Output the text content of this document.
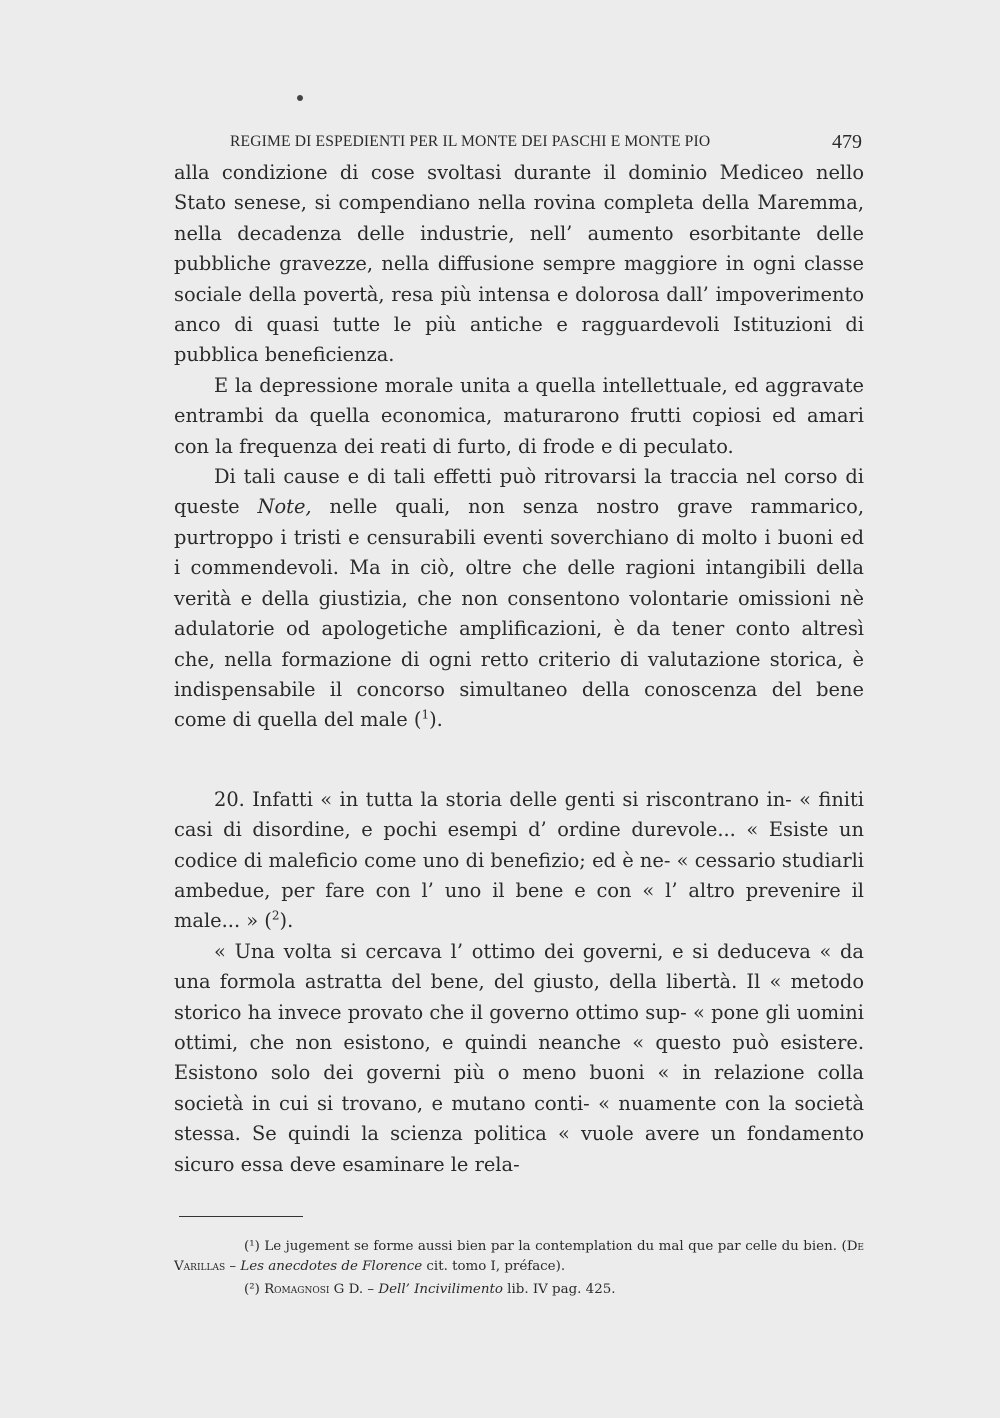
REGIME DI ESPEDIENTI PER IL MONTE DEI PASCHI E MONTE PIO	479

alla condizione di cose svoltasi durante il dominio Mediceo nello Stato senese, si compendiano nella rovina completa della Maremma, nella decadenza delle industrie, nell’ aumento esorbitante delle pubbliche gravezze, nella diffusione sempre maggiore in ogni classe sociale della povertà, resa più intensa e dolorosa dall’ impoverimento anco di quasi tutte le più antiche e ragguardevoli Istituzioni di pubblica beneficienza.

E la depressione morale unita a quella intellettuale, ed aggravate entrambi da quella economica, maturarono frutti copiosi ed amari con la frequenza dei reati di furto, di frode e di peculato.

Di tali cause e di tali effetti può ritrovarsi la traccia nel corso di queste Note, nelle quali, non senza nostro grave rammarico, purtroppo i tristi e censurabili eventi soverchiano di molto i buoni ed i commendevoli. Ma in ciò, oltre che delle ragioni intangibili della verità e della giustizia, che non consentono volontarie omissioni nè adulatorie od apologetiche amplificazioni, è da tener conto altresì che, nella formazione di ogni retto criterio di valutazione storica, è indispensabile il concorso simultaneo della conoscenza del bene come di quella del male ($^1$).

20. Infatti « in tutta la storia delle genti si riscontrano in- « finiti casi di disordine, e pochi esempi d’ ordine durevole... « Esiste un codice di maleficio come uno di benefizio; ed è ne- « cessario studiarli ambedue, per fare con l’ uno il bene e con « l’ altro prevenire il male... » ($^2$).

« Una volta si cercava l’ ottimo dei governi, e si deduceva « da una formola astratta del bene, del giusto, della libertà. Il « metodo storico ha invece provato che il governo ottimo sup- « pone gli uomini ottimi, che non esistono, e quindi neanche « questo può esistere. Esistono solo dei governi più o meno buoni « in relazione colla società in cui si trovano, e mutano conti- « nuamente con la società stessa. Se quindi la scienza politica « vuole avere un fondamento sicuro essa deve esaminare le rela-

(¹) Le jugement se forme aussi bien par la contemplation du mal que par celle du bien. (De Varillas – Les anecdotes de Florence cit. tomo I, préface).

(²) Romagnosi G D. – Dell’ Incivilimento lib. IV pag. 425.
